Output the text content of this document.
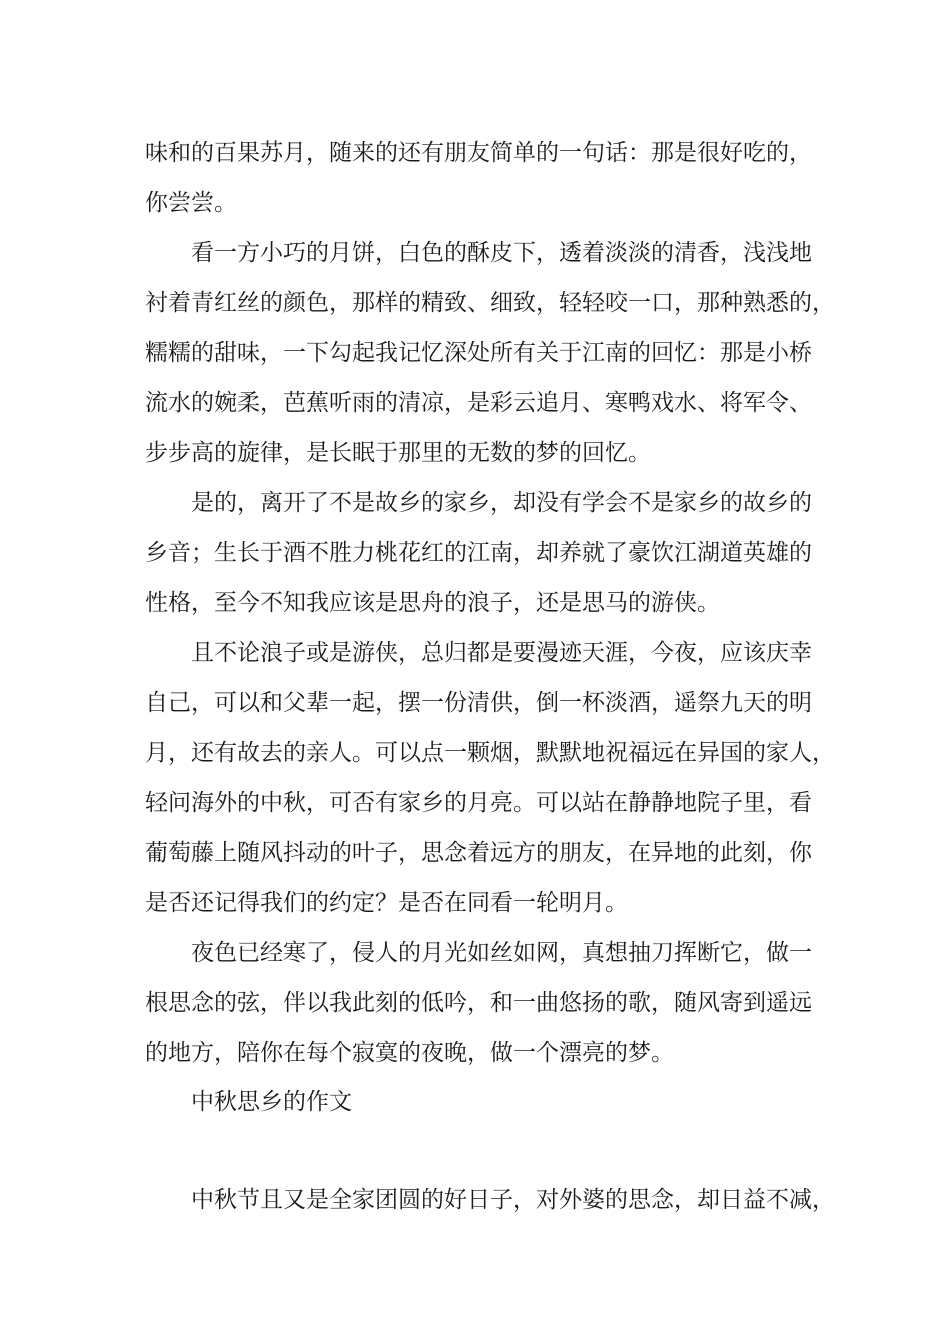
味和的百果苏月，随来的还有朋友简单的一句话：那是很好吃的，
你尝尝。
看一方小巧的月饼，白色的酥皮下，透着淡淡的清香，浅浅地
衬着青红丝的颜色，那样的精致、细致，轻轻咬一口，那种熟悉的，
糯糯的甜味，一下勾起我记忆深处所有关于江南的回忆：那是小桥
流水的婉柔，芭蕉听雨的清凉，是彩云追月、寒鸭戏水、将军令、
步步高的旋律，是长眠于那里的无数的梦的回忆。
是的，离开了不是故乡的家乡，却没有学会不是家乡的故乡的
乡音；生长于酒不胜力桃花红的江南，却养就了豪饮江湖道英雄的
性格，至今不知我应该是思舟的浪子，还是思马的游侠。
且不论浪子或是游侠，总归都是要漫迹天涯，今夜，应该庆幸
自己，可以和父辈一起，摆一份清供，倒一杯淡酒，遥祭九天的明
月，还有故去的亲人。可以点一颗烟，默默地祝福远在异国的家人，
轻问海外的中秋，可否有家乡的月亮。可以站在静静地院子里，看
葡萄藤上随风抖动的叶子，思念着远方的朋友，在异地的此刻，你
是否还记得我们的约定？是否在同看一轮明月。
夜色已经寒了，侵人的月光如丝如网，真想抽刀挥断它，做一
根思念的弦，伴以我此刻的低吟，和一曲悠扬的歌，随风寄到遥远
的地方，陪你在每个寂寞的夜晚，做一个漂亮的梦。
中秋思乡的作文
中秋节且又是全家团圆的好日子，对外婆的思念，却日益不减，
